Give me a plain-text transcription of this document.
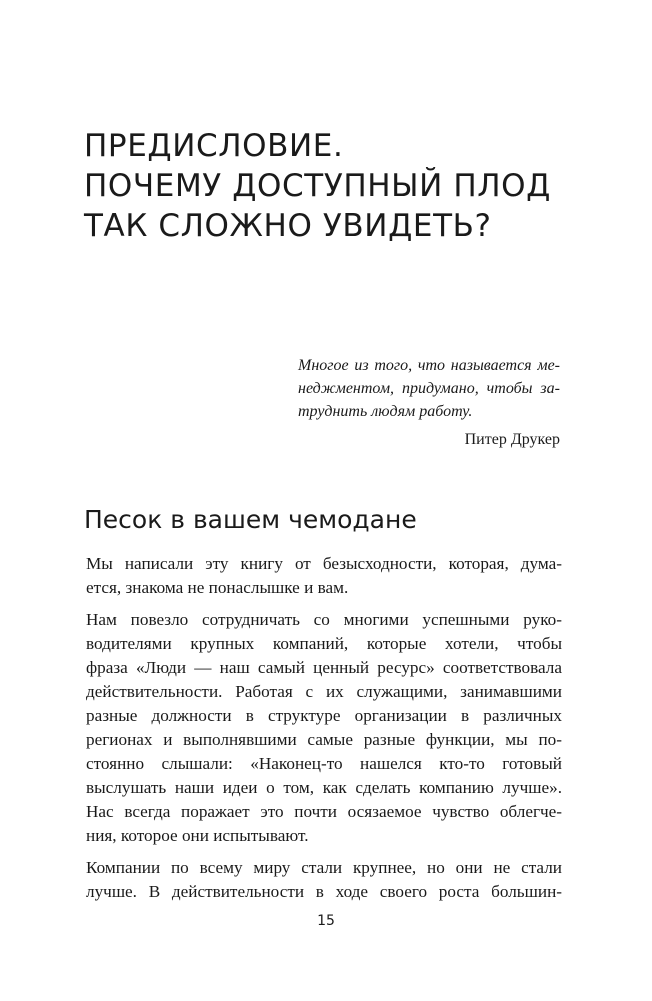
ПРЕДИСЛОВИЕ.
ПОЧЕМУ ДОСТУПНЫЙ ПЛОД
ТАК СЛОЖНО УВИДЕТЬ?
Многое из того, что называется ме-
неджментом, придумано, чтобы за-
труднить людям работу.
Питер Друкер
Песок в вашем чемодане

Мы написали эту книгу от безысходности, которая, дума-
ется, знакома не понаслышке и вам.

Нам повезло сотрудничать со многими успешными руко-
водителями крупных компаний, которые хотели, чтобы
фраза «Люди — наш самый ценный ресурс» соответствовала
действительности. Работая с их служащими, занимавшими
разные должности в структуре организации в различных
регионах и выполнявшими самые разные функции, мы по-
стоянно слышали: «Наконец-то нашелся кто-то готовый
выслушать наши идеи о том, как сделать компанию лучше».
Нас всегда поражает это почти осязаемое чувство облегче-
ния, которое они испытывают.

Компании по всему миру стали крупнее, но они не стали
лучше. В действительности в ходе своего роста большин-

15
